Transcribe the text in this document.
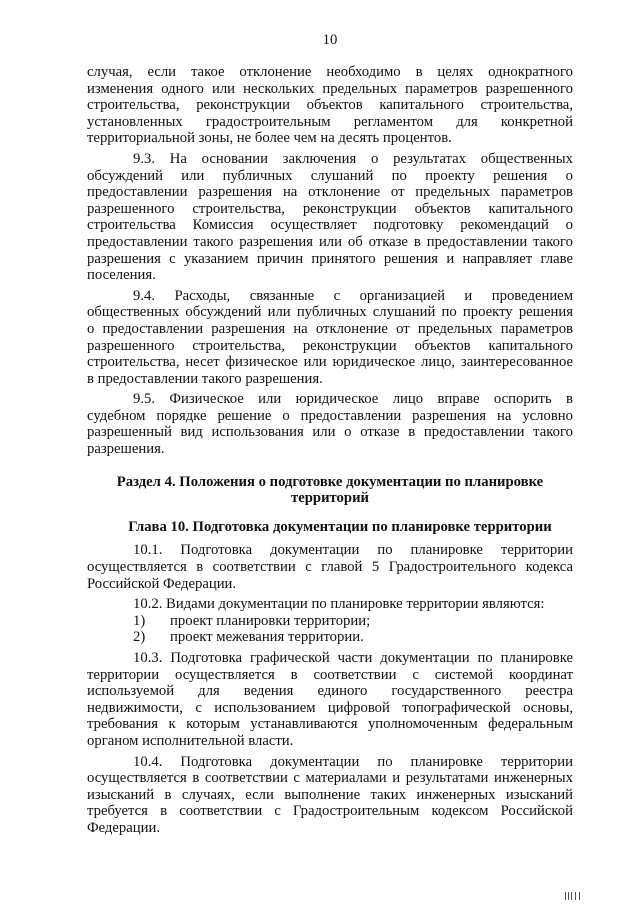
10
случая, если такое отклонение необходимо в целях однократного
изменения одного или нескольких предельных параметров разрешенного
строительства, реконструкции объектов капитального строительства,
установленных градостроительным регламентом для конкретной
территориальной зоны, не более чем на десять процентов.
9.3. На основании заключения о результатах общественных
обсуждений или публичных слушаний по проекту решения о
предоставлении разрешения на отклонение от предельных параметров
разрешенного строительства, реконструкции объектов капитального
строительства Комиссия осуществляет подготовку рекомендаций о
предоставлении такого разрешения или об отказе в предоставлении такого
разрешения с указанием причин принятого решения и направляет главе
поселения.
9.4. Расходы, связанные с организацией и проведением
общественных обсуждений или публичных слушаний по проекту решения
о предоставлении разрешения на отклонение от предельных параметров
разрешенного строительства, реконструкции объектов капитального
строительства, несет физическое или юридическое лицо, заинтересованное
в предоставлении такого разрешения.
9.5. Физическое или юридическое лицо вправе оспорить в
судебном порядке решение о предоставлении разрешения на условно
разрешенный вид использования или о отказе в предоставлении такого
разрешения.
Раздел 4. Положения о подготовке документации по планировке
территорий
Глава 10. Подготовка документации по планировке территории
10.1. Подготовка документации по планировке территории
осуществляется в соответствии с главой 5 Градостроительного кодекса
Российской Федерации.
10.2. Видами документации по планировке территории являются:
1) проект планировки территории;
2) проект межевания территории.
10.3. Подготовка графической части документации по планировке
территории осуществляется в соответствии с системой координат
используемой для ведения единого государственного реестра
недвижимости, с использованием цифровой топографической основы,
требования к которым устанавливаются уполномоченным федеральным
органом исполнительной власти.
10.4. Подготовка документации по планировке территории
осуществляется в соответствии с материалами и результатами инженерных
изысканий в случаях, если выполнение таких инженерных изысканий
требуется в соответствии с Градостроительным кодексом Российской
Федерации.
